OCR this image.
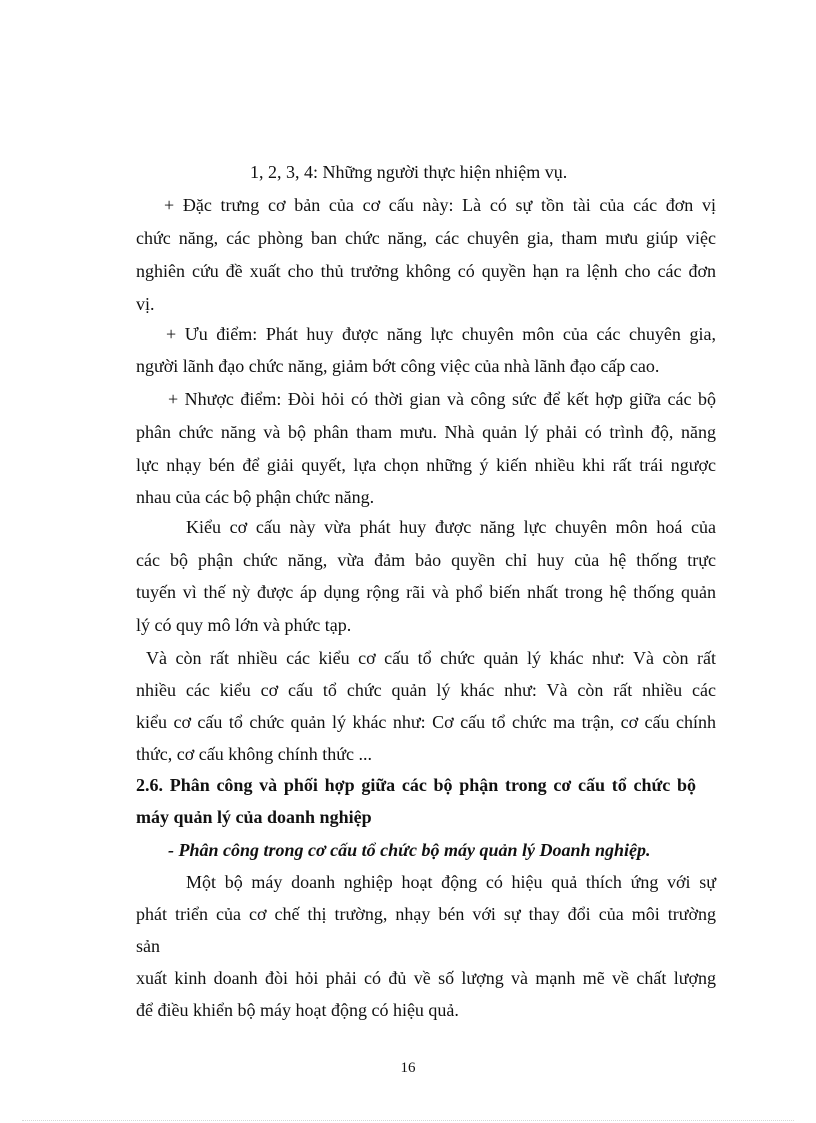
1, 2, 3, 4: Những người thực hiện nhiệm vụ.
+ Đặc trưng cơ bản của cơ cấu này: Là có sự tồn tài của các đơn vị
chức năng, các phòng ban chức năng, các chuyên gia, tham mưu giúp việc
nghiên cứu đề xuất cho thủ trưởng không có quyền hạn ra lệnh cho các đơn
vị.
+ Ưu điểm: Phát huy được năng lực chuyên môn của các chuyên gia,
người lãnh đạo chức năng, giảm bớt công việc của nhà lãnh đạo cấp cao.
+ Nhược điểm: Đòi hỏi có thời gian và công sức để kết hợp giữa các bộ
phân chức năng và bộ phân tham mưu. Nhà quản lý phải có trình độ, năng
lực nhạy bén để giải quyết, lựa chọn những ý kiến nhiều khi rất trái ngược
nhau của các bộ phận chức năng.
Kiểu cơ cấu này vừa phát huy được năng lực chuyên môn hoá của
các bộ phận chức năng, vừa đảm bảo quyền chỉ huy của hệ thống trực
tuyến vì thế nỳ được áp dụng rộng rãi và phổ biến nhất trong hệ thống quản
lý có quy mô lớn và phức tạp.
Và còn rất nhiều các kiểu cơ cấu tổ chức quản lý khác như: Và còn rất
nhiều các kiểu cơ cấu tổ chức quản lý khác như: Và còn rất nhiều các
kiểu cơ cấu tổ chức quản lý khác như: Cơ cấu tổ chức ma trận, cơ cấu chính
thức, cơ cấu không chính thức ...
2.6. Phân công và phối hợp giữa các bộ phận trong cơ cấu tổ chức bộ
máy quản lý của doanh nghiệp
- Phân công trong cơ cấu tổ chức bộ máy quản lý Doanh nghiệp.
Một bộ máy doanh nghiệp hoạt động có hiệu quả thích ứng với sự
phát triển của cơ chế thị trường, nhạy bén với sự thay đổi của môi trường
sản
xuất kinh doanh đòi hỏi phải có đủ về số lượng và mạnh mẽ về chất lượng
để điều khiển bộ máy hoạt động có hiệu quả.
16
